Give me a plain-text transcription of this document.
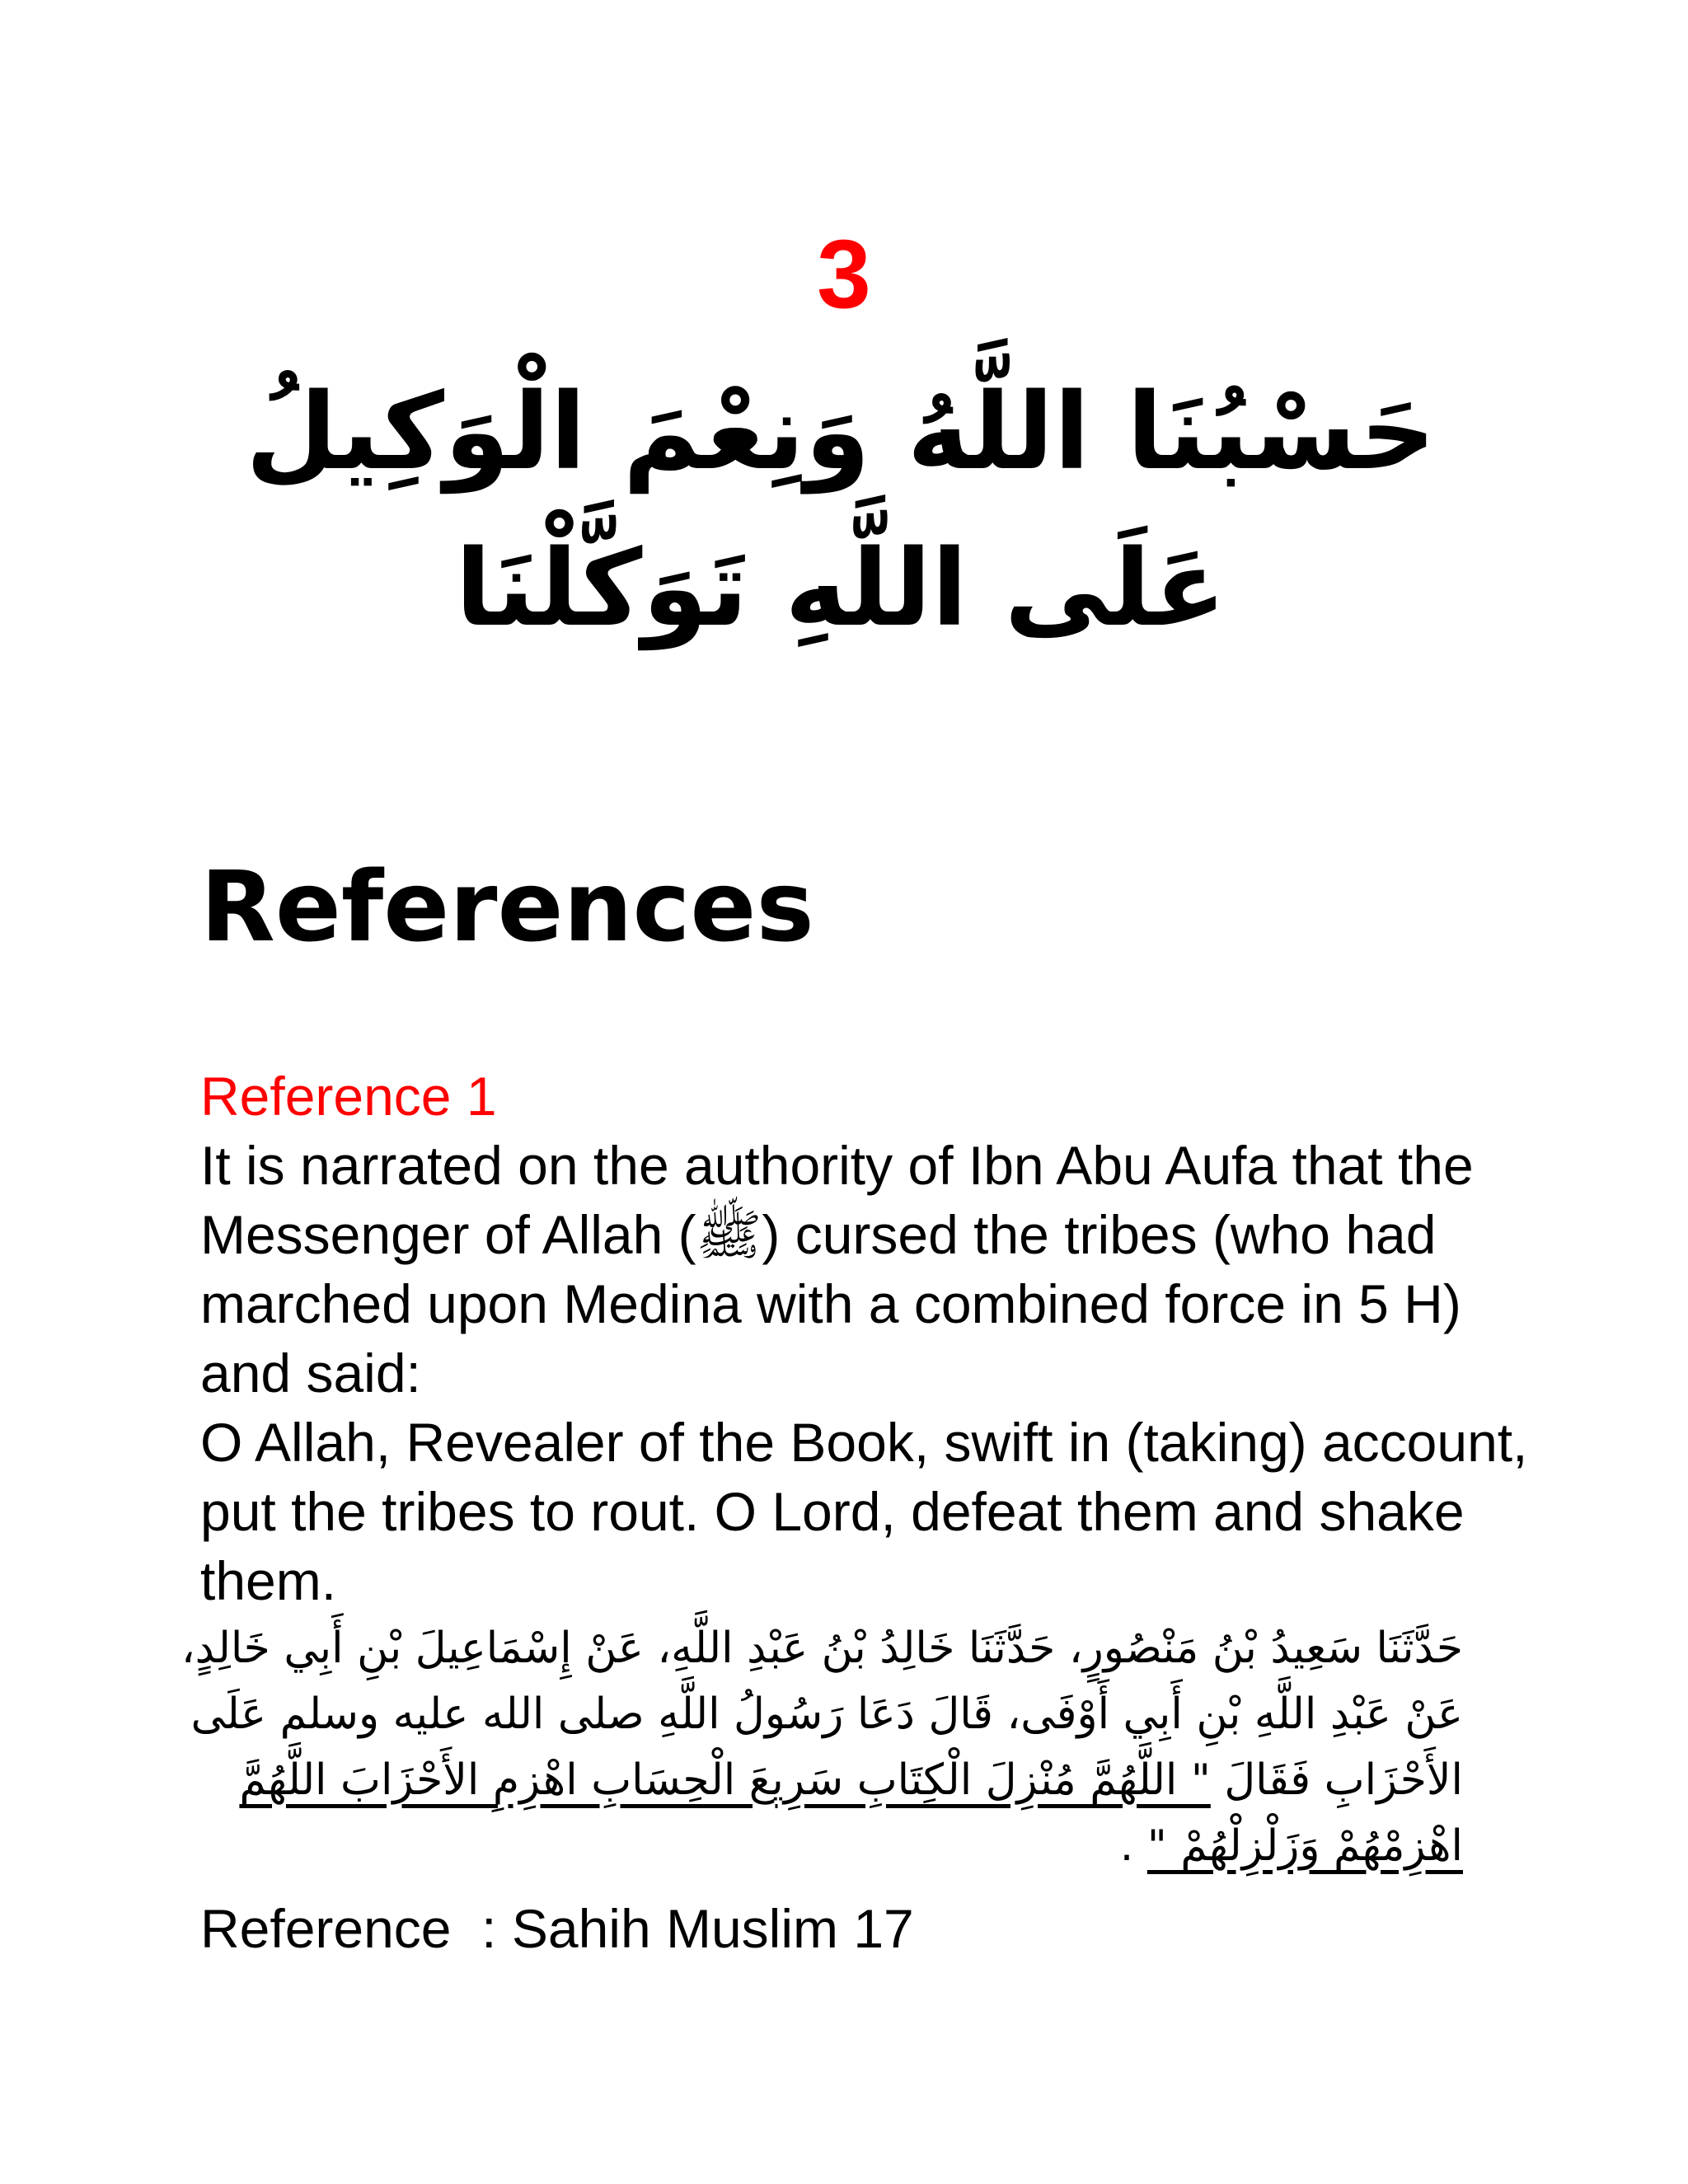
3
حَسْبُنَا اللَّهُ وَنِعْمَ الْوَكِيلُ عَلَى اللَّهِ تَوَكَّلْنَا
References
Reference 1
It is narrated on the authority of Ibn Abu Aufa that the Messenger of Allah (ﷺ) cursed the tribes (who had marched upon Medina with a combined force in 5 H) and said:
O Allah, Revealer of the Book, swift in (taking) account, put the tribes to rout. O Lord, defeat them and shake them.
حَدَّثَنَا سَعِيدُ بْنُ مَنْصُورٍ، حَدَّثَنَا خَالِدُ بْنُ عَبْدِ اللَّهِ، عَنْ إِسْمَاعِيلَ بْنِ أَبِي خَالِدٍ، عَنْ عَبْدِ اللَّهِ بْنِ أَبِي أَوْفَى، قَالَ دَعَا رَسُولُ اللَّهِ صلى الله عليه وسلم عَلَى الأَحْزَابِ فَقَالَ " اللَّهُمَّ مُنْزِلَ الْكِتَابِ سَرِيعَ الْحِسَابِ اهْزِمِ الأَحْزَابَ اللَّهُمَّ اهْزِمْهُمْ وَزَلْزِلْهُمْ " .
Reference  : Sahih Muslim 17
